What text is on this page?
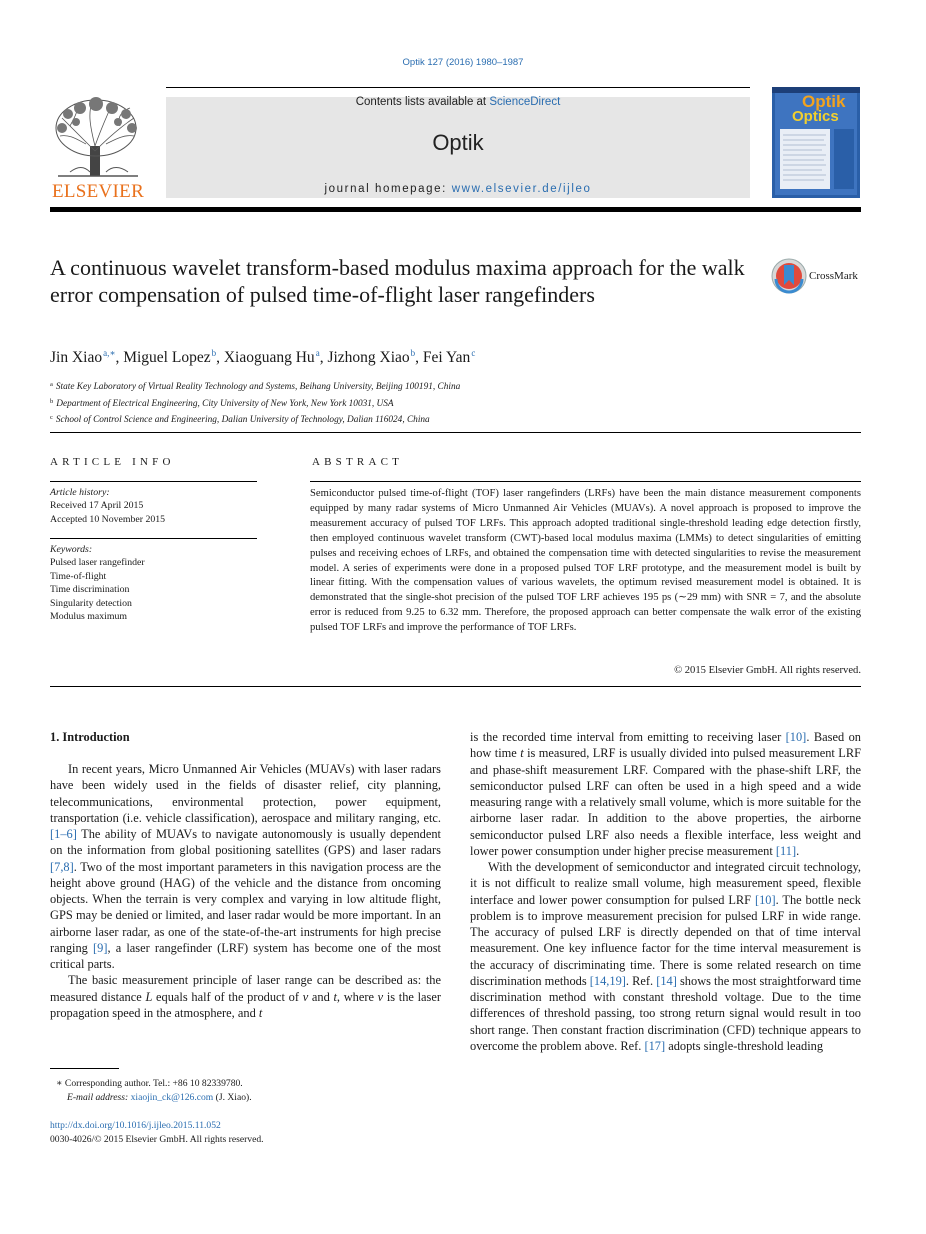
Optik 127 (2016) 1980–1987
ELSEVIER
Contents lists available at ScienceDirect
Optik
journal homepage: www.elsevier.de/ijleo
Optik
Optics
A continuous wavelet transform-based modulus maxima approach for the walk error compensation of pulsed time-of-flight laser rangefinders
CrossMark
Jin Xiao$^{a,∗}$, Miguel Lopez$^b$, Xiaoguang Hu$^a$, Jizhong Xiao$^b$, Fei Yan$^c$
$^a$ State Key Laboratory of Virtual Reality Technology and Systems, Beihang University, Beijing 100191, China
$^b$ Department of Electrical Engineering, City University of New York, New York 10031, USA
$^c$ School of Control Science and Engineering, Dalian University of Technology, Dalian 116024, China
ARTICLE INFO
Article history:
Received 17 April 2015
Accepted 10 November 2015
Keywords:
Pulsed laser rangefinder
Time-of-flight
Time discrimination
Singularity detection
Modulus maximum
ABSTRACT
Semiconductor pulsed time-of-flight (TOF) laser rangefinders (LRFs) have been the main distance measurement components equipped by many radar systems of Micro Unmanned Air Vehicles (MUAVs). A novel approach is proposed to improve the measurement accuracy of pulsed TOF LRFs. This approach adopted traditional single-threshold leading edge detection firstly, then employed continuous wavelet transform (CWT)-based local modulus maxima (LMMs) to detect singularities of emitting pulses and receiving echoes of LRFs, and obtained the compensation time with detected singularities to revise the measurement model. A series of experiments were done in a proposed pulsed TOF LRF prototype, and the measurement model is built by linear fitting. With the compensation values of various wavelets, the optimum revised measurement model is obtained. It is demonstrated that the single-shot precision of the pulsed TOF LRF achieves 195 ps (∼29 mm) with SNR = 7, and the absolute error is reduced from 9.25 to 6.32 mm. Therefore, the proposed approach can better compensate the walk error of the existing pulsed TOF LRFs and improve the performance of TOF LRFs.
© 2015 Elsevier GmbH. All rights reserved.
1. Introduction

In recent years, Micro Unmanned Air Vehicles (MUAVs) with laser radars have been widely used in the fields of disaster relief, city planning, telecommunications, environmental protection, power equipment, transportation (i.e. vehicle classification), aerospace and military ranging, etc. [1–6] The ability of MUAVs to navigate autonomously is usually dependent on the information from global positioning satellites (GPS) and laser radars [7,8]. Two of the most important parameters in this navigation process are the height above ground (HAG) of the vehicle and the distance from oncoming objects. When the terrain is very complex and varying in low altitude flight, GPS may be denied or limited, and laser radar would be more important. In an airborne laser radar, as one of the state-of-the-art instruments for high precise ranging [9], a laser rangefinder (LRF) system has become one of the most critical parts.

The basic measurement principle of laser range can be described as: the measured distance L equals half of the product of v and t, where v is the laser propagation speed in the atmosphere, and t

is the recorded time interval from emitting to receiving laser [10]. Based on how time t is measured, LRF is usually divided into pulsed measurement LRF and phase-shift measurement LRF. Compared with the phase-shift LRF, the semiconductor pulsed LRF can often be used in a high speed and a wide measuring range with a relatively small volume, which is more suitable for the airborne laser radar. In addition to the above properties, the airborne semiconductor pulsed LRF also needs a flexible interface, less weight and lower power consumption under higher precise measurement [11].

With the development of semiconductor and integrated circuit technology, it is not difficult to realize small volume, high measurement speed, flexible interface and lower power consumption for pulsed LRF [10]. The bottle neck problem is to improve measurement precision for pulsed LRF in wide range. The accuracy of pulsed LRF is directly depended on that of time interval measurement. One key influence factor for the time interval measurement is the accuracy of discriminating time. There is some related research on time discrimination methods [14,19]. Ref. [14] shows the most straightforward time discrimination method with constant threshold voltage. Due to the time differences of threshold passing, too strong return signal would result in too short range. Then constant fraction discrimination (CFD) technique appears to overcome the problem above. Ref. [17] adopts single-threshold leading

∗ Corresponding author. Tel.: +86 10 82339780.
E-mail address: xiaojin_ck@126.com (J. Xiao).
http://dx.doi.org/10.1016/j.ijleo.2015.11.052
0030-4026/© 2015 Elsevier GmbH. All rights reserved.
